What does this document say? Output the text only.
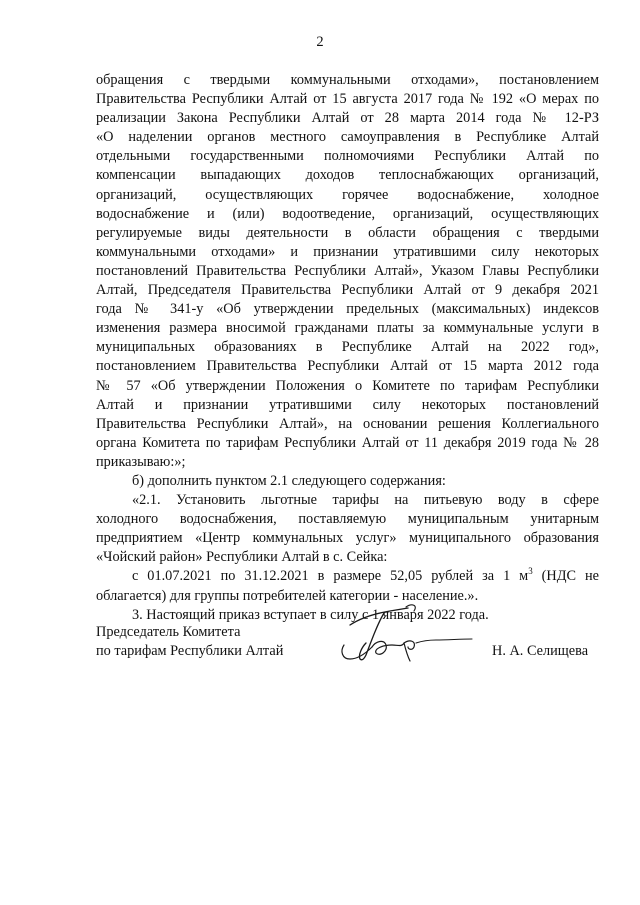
2
обращения с твердыми коммунальными отходами», постановлением
Правительства Республики Алтай от 15 августа 2017 года № 192 «О мерах по
реализации Закона Республики Алтай от 28 марта 2014 года № 12-РЗ
«О наделении органов местного самоуправления в Республике Алтай
отдельными государственными полномочиями Республики Алтай по
компенсации выпадающих доходов теплоснабжающих организаций,
организаций, осуществляющих горячее водоснабжение, холодное
водоснабжение и (или) водоотведение, организаций, осуществляющих
регулируемые виды деятельности в области обращения с твердыми
коммунальными отходами» и признании утратившими силу некоторых
постановлений Правительства Республики Алтай», Указом Главы Республики
Алтай, Председателя Правительства Республики Алтай от 9 декабря 2021
года № 341-у «Об утверждении предельных (максимальных) индексов
изменения размера вносимой гражданами платы за коммунальные услуги в
муниципальных образованиях в Республике Алтай на 2022 год»,
постановлением Правительства Республики Алтай от 15 марта 2012 года
№ 57 «Об утверждении Положения о Комитете по тарифам Республики
Алтай и признании утратившими силу некоторых постановлений
Правительства Республики Алтай», на основании решения Коллегиального
органа Комитета по тарифам Республики Алтай от 11 декабря 2019 года № 28
приказываю:»;
б) дополнить пунктом 2.1 следующего содержания:
«2.1. Установить льготные тарифы на питьевую воду в сфере
холодного водоснабжения, поставляемую муниципальным унитарным
предприятием «Центр коммунальных услуг» муниципального образования
«Чойский район» Республики Алтай в с. Сейка:
с 01.07.2021 по 31.12.2021 в размере 52,05 рублей за 1 $м^3$ (НДС не
облагается) для группы потребителей категории - население.».
3. Настоящий приказ вступает в силу с 1 января 2022 года.
Председатель Комитета
по тарифам Республики Алтай	Н. А. Селищева
